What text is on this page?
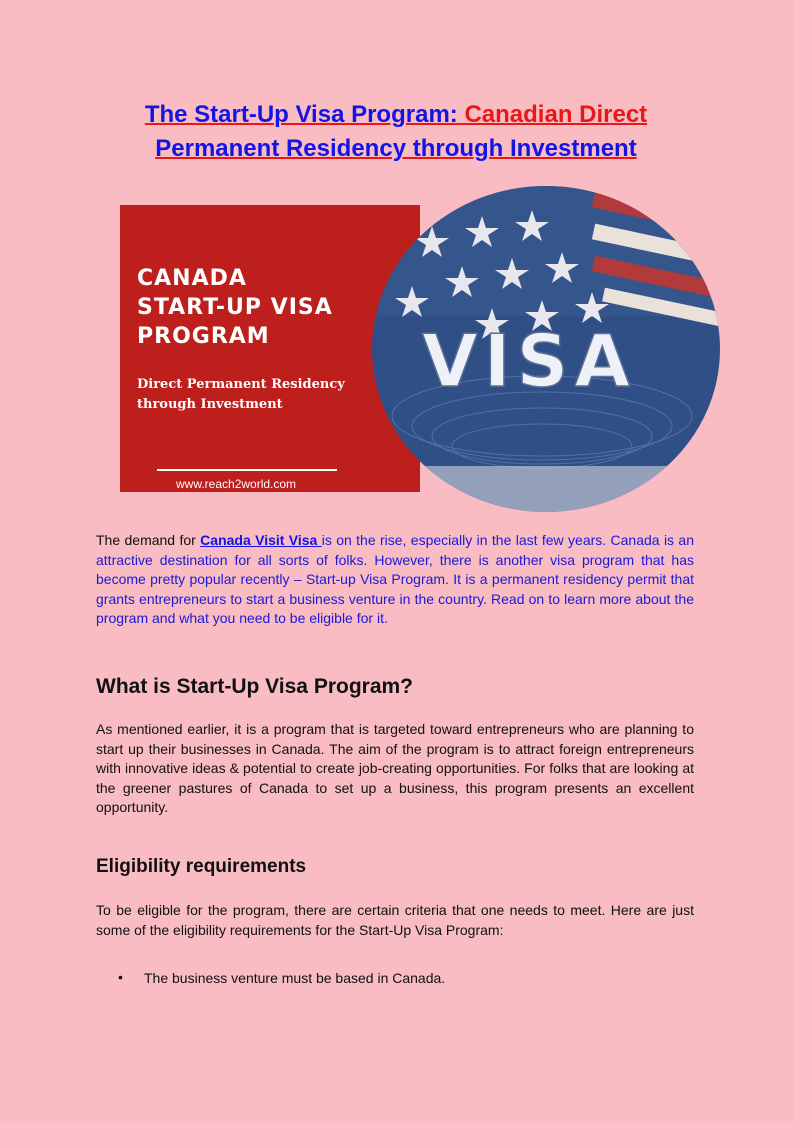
The Start-Up Visa Program: Canadian Direct
Permanent Residency through Investment
CANADA
START-UP VISA
PROGRAM
Direct Permanent Residency through Investment
www.reach2world.com
VISA
The demand for Canada Visit Visa is on the rise, especially in the last few years. Canada is an attractive destination for all sorts of folks. However, there is another visa program that has become pretty popular recently – Start-up Visa Program. It is a permanent residency permit that grants entrepreneurs to start a business venture in the country. Read on to learn more about the program and what you need to be eligible for it.
What is Start-Up Visa Program?
As mentioned earlier, it is a program that is targeted toward entrepreneurs who are planning to start up their businesses in Canada. The aim of the program is to attract foreign entrepreneurs with innovative ideas & potential to create job-creating opportunities. For folks that are looking at the greener pastures of Canada to set up a business, this program presents an excellent opportunity.
Eligibility requirements
To be eligible for the program, there are certain criteria that one needs to meet. Here are just some of the eligibility requirements for the Start-Up Visa Program:
• The business venture must be based in Canada.
